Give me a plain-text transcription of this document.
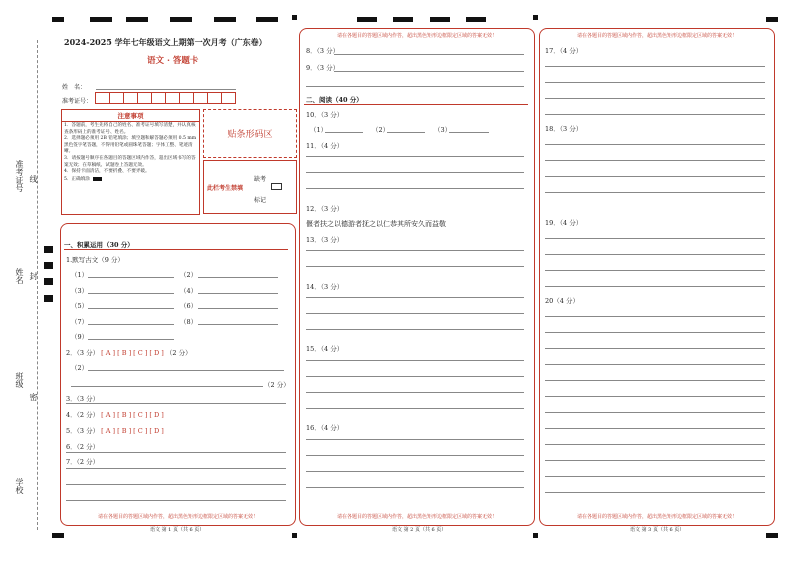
准考证号 线
姓名 封
班级
密
学校
2024-2025 学年七年级语文上期第一次月考（广东卷）
语文 · 答题卡
姓　名：
准考证号：
注意事项
1．答题前，考生先将自己的姓名、准考证号填写清楚，并认真核查条形码上的准考证号、姓名。
2．选择题必须用 2B 铅笔填涂；填空题和解答题必须用 0.5 mm 黑色签字笔答题，不得用铅笔或圆珠笔答题；字体工整、笔迹清晰。
3．请按题号顺序在各题目的答题区域内作答，超出区域书写的答案无效；在草稿纸、试题卷上答题无效。
4．保持卡面清洁，不要折叠、不要弄破。
5．正确填涂
贴条形码区
此栏考生禁填
缺考
标记
一、积累运用（30 分）
1.默写古文（9 分）
（1）	（2）
（3）	（4）
（5）	（6）
（7）	（8）
（9）
2．（3 分） [ A ] [ B ] [ C ] [ D ] （2 分）
（2）
（2 分）
3．（3 分）
4．（2 分） [ A ] [ B ] [ C ] [ D ]
5．（3 分） [ A ] [ B ] [ C ] [ D ]
6．（2 分）
7．（2 分）
请在各题目的答题区域内作答，超出黑色矩形边框限定区域的答案无效！
语文 第 1 页（共 6 页）
请在各题目的答题区域内作答，超出黑色矩形边框限定区域的答案无效！
8．（3 分）
9．（3 分）
二、阅读（40 分）
10．（3 分）
（1）	（2）	（3）
11．（4 分）
12．（3 分）
偃者扶之以德游者抚之以仁恭其所安久而益敬
13．（3 分）
14．（3 分）
15．（4 分）
16．（4 分）
请在各题目的答题区域内作答，超出黑色矩形边框限定区域的答案无效！
语文 第 2 页（共 6 页）
请在各题目的答题区域内作答，超出黑色矩形边框限定区域的答案无效！
17．（4 分）
18．（3 分）
19．（4 分）
20（4 分）
请在各题目的答题区域内作答，超出黑色矩形边框限定区域的答案无效！
语文 第 3 页（共 6 页）
